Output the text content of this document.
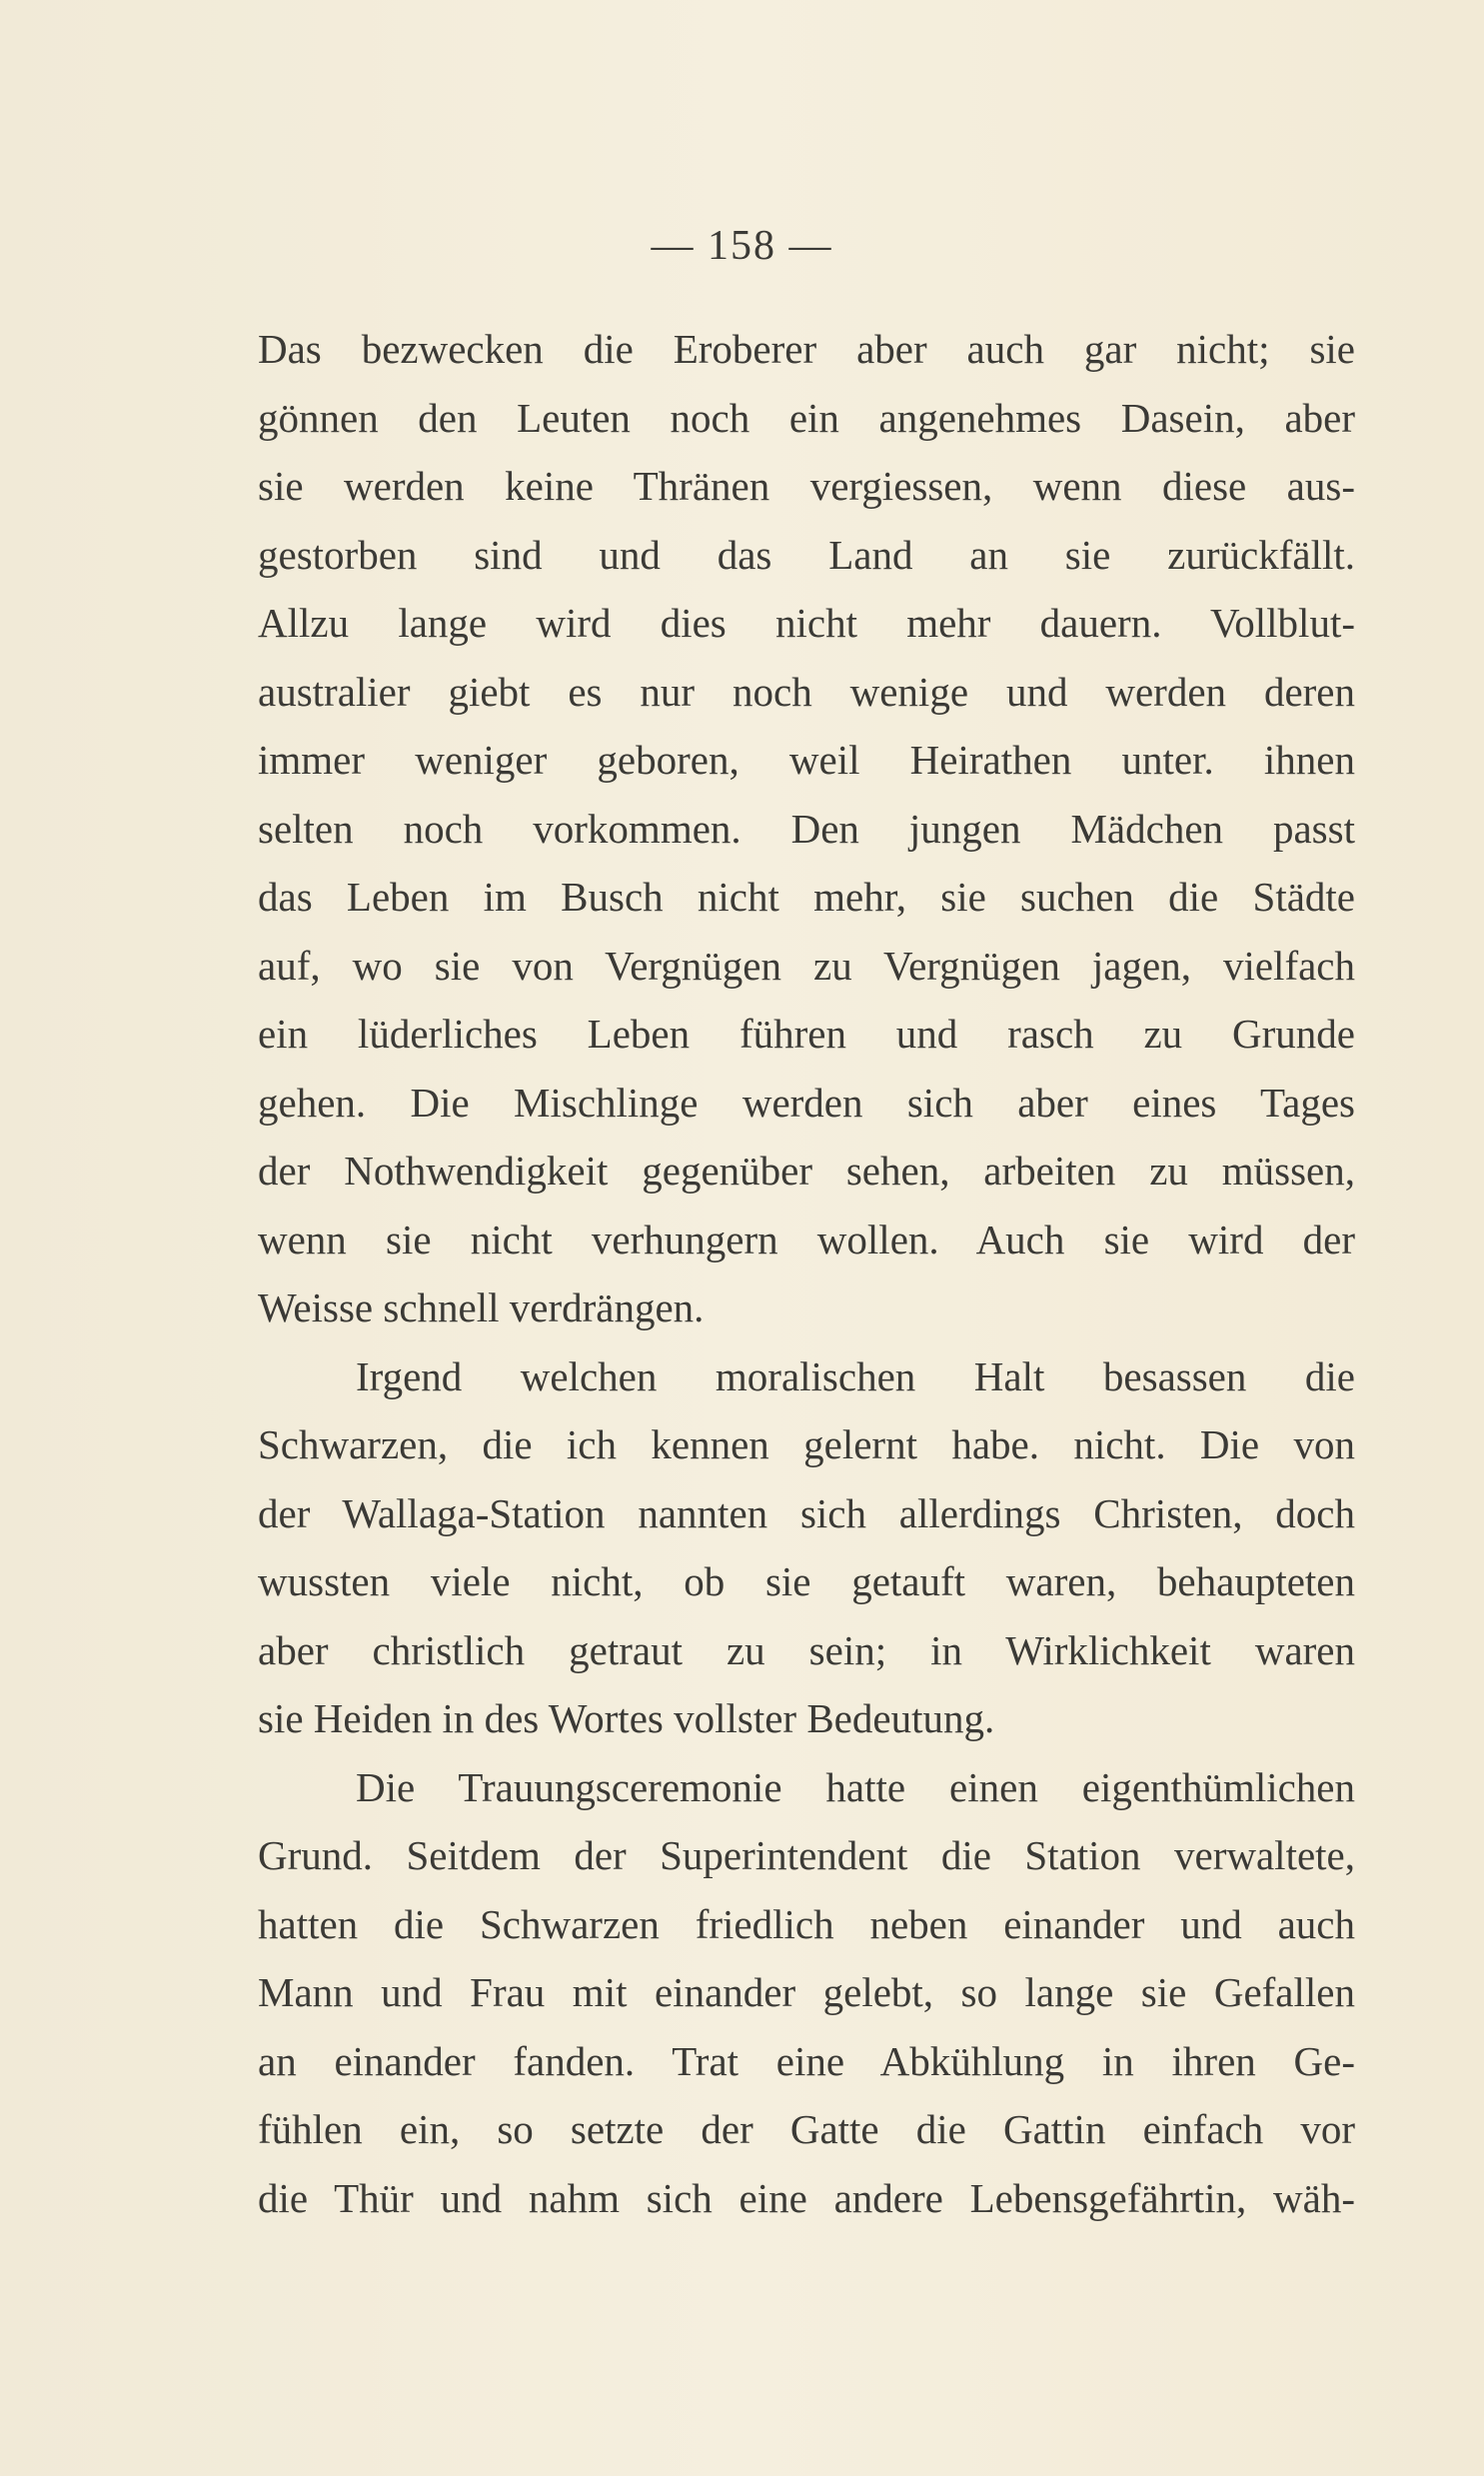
— 158 —
Das bezwecken die Eroberer aber auch gar nicht; sie
gönnen den Leuten noch ein angenehmes Dasein, aber
sie werden keine Thränen vergiessen, wenn diese aus-
gestorben sind und das Land an sie zurückfällt.
Allzu lange wird dies nicht mehr dauern. Vollblut-
australier giebt es nur noch wenige und werden deren
immer weniger geboren, weil Heirathen unter. ihnen
selten noch vorkommen. Den jungen Mädchen passt
das Leben im Busch nicht mehr, sie suchen die Städte
auf, wo sie von Vergnügen zu Vergnügen jagen, vielfach
ein lüderliches Leben führen und rasch zu Grunde
gehen. Die Mischlinge werden sich aber eines Tages
der Nothwendigkeit gegenüber sehen, arbeiten zu müssen,
wenn sie nicht verhungern wollen. Auch sie wird der
Weisse schnell verdrängen.
Irgend welchen moralischen Halt besassen die
Schwarzen, die ich kennen gelernt habe. nicht. Die von
der Wallaga-Station nannten sich allerdings Christen, doch
wussten viele nicht, ob sie getauft waren, behaupteten
aber christlich getraut zu sein; in Wirklichkeit waren
sie Heiden in des Wortes vollster Bedeutung.
Die Trauungsceremonie hatte einen eigenthümlichen
Grund. Seitdem der Superintendent die Station verwaltete,
hatten die Schwarzen friedlich neben einander und auch
Mann und Frau mit einander gelebt, so lange sie Gefallen
an einander fanden. Trat eine Abkühlung in ihren Ge-
fühlen ein, so setzte der Gatte die Gattin einfach vor
die Thür und nahm sich eine andere Lebensgefährtin, wäh-
